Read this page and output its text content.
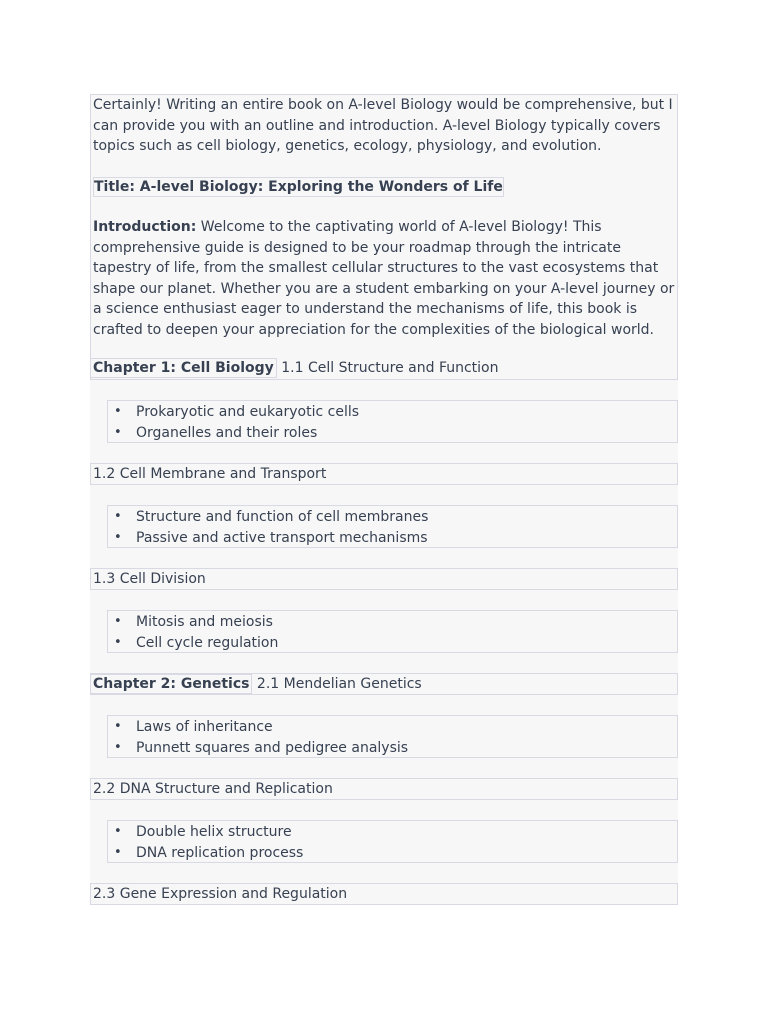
Certainly! Writing an entire book on A-level Biology would be comprehensive, but I can provide you with an outline and introduction. A-level Biology typically covers topics such as cell biology, genetics, ecology, physiology, and evolution.

Title: A-level Biology: Exploring the Wonders of Life

Introduction: Welcome to the captivating world of A-level Biology! This comprehensive guide is designed to be your roadmap through the intricate tapestry of life, from the smallest cellular structures to the vast ecosystems that shape our planet. Whether you are a student embarking on your A-level journey or a science enthusiast eager to understand the mechanisms of life, this book is crafted to deepen your appreciation for the complexities of the biological world.

Chapter 1: Cell Biology 1.1 Cell Structure and Function
• Prokaryotic and eukaryotic cells
• Organelles and their roles
1.2 Cell Membrane and Transport
• Structure and function of cell membranes
• Passive and active transport mechanisms
1.3 Cell Division
• Mitosis and meiosis
• Cell cycle regulation
Chapter 2: Genetics 2.1 Mendelian Genetics
• Laws of inheritance
• Punnett squares and pedigree analysis
2.2 DNA Structure and Replication
• Double helix structure
• DNA replication process
2.3 Gene Expression and Regulation
